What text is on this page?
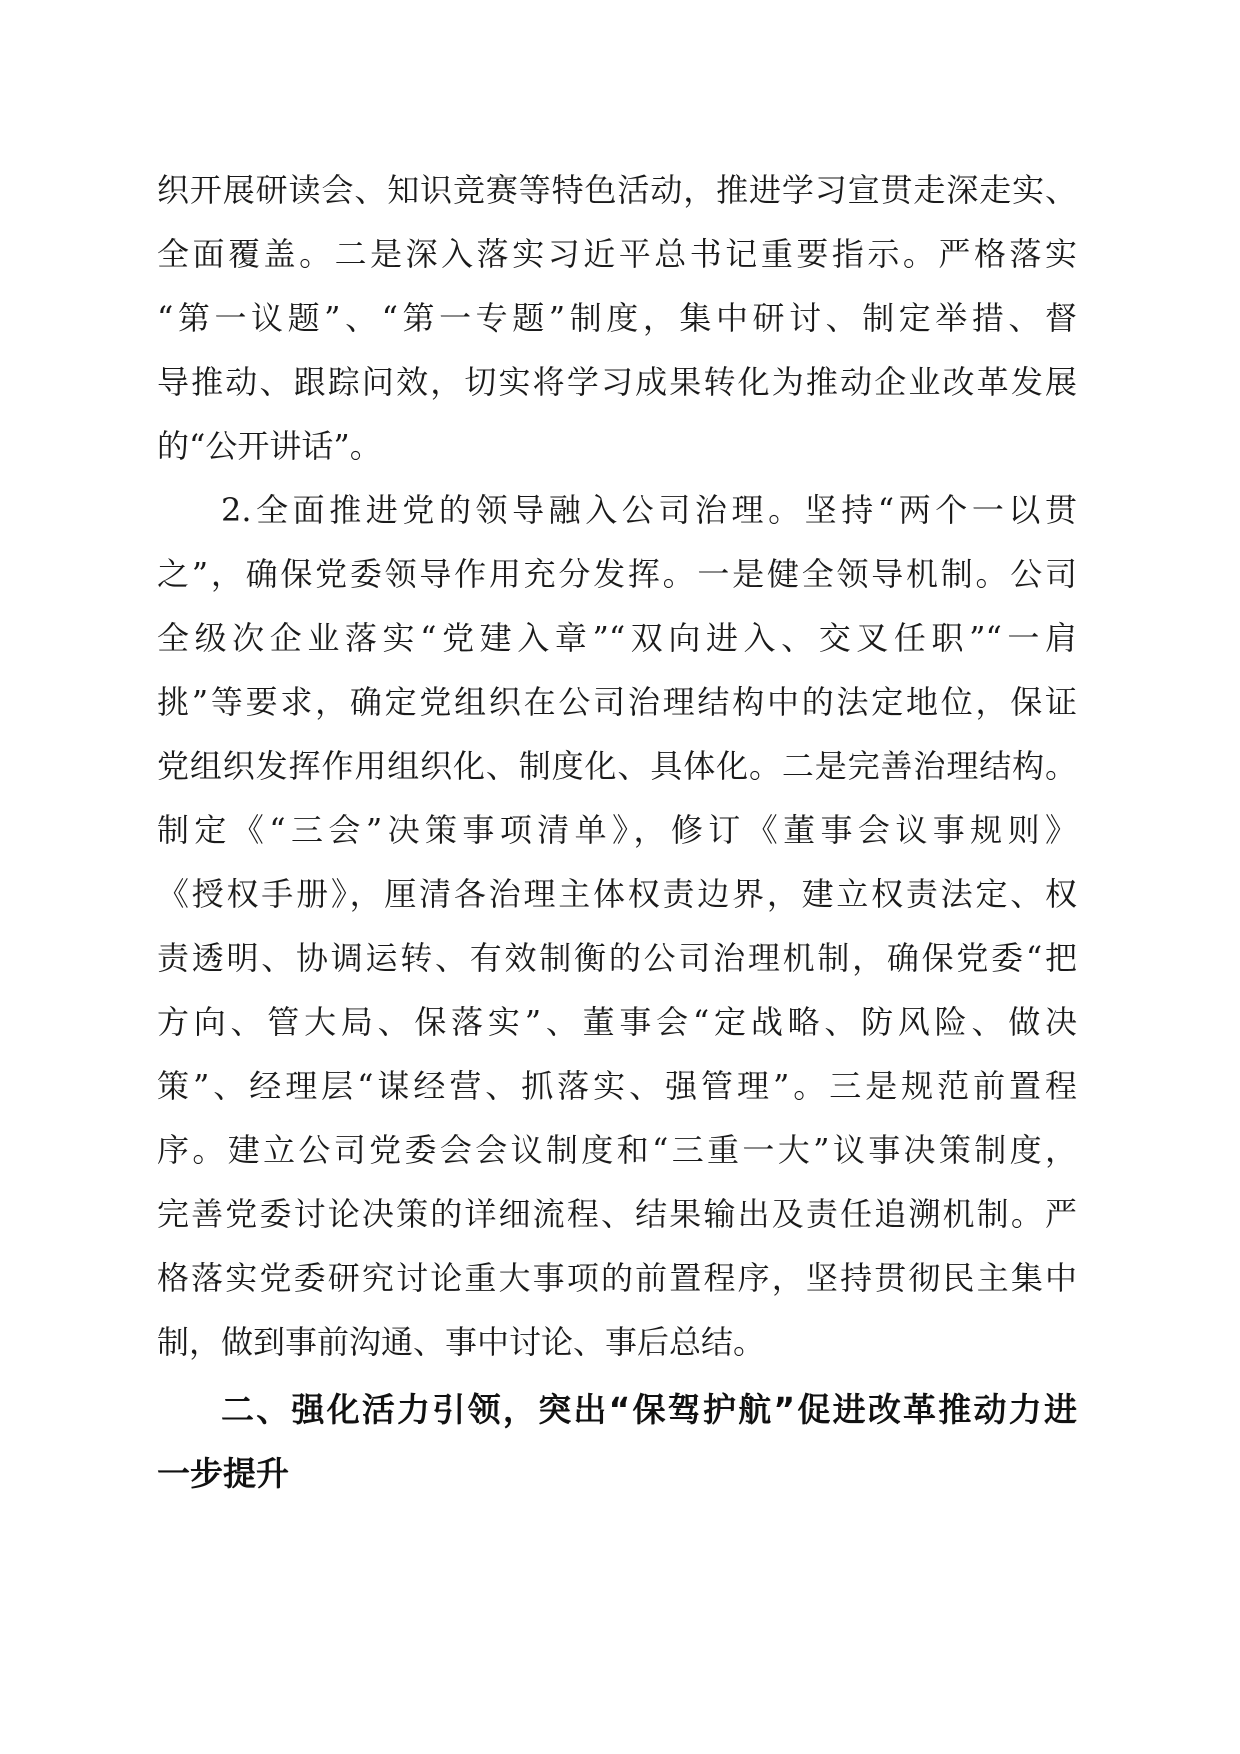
织开展研读会、知识竞赛等特色活动，推进学习宣贯走深走实、
全面覆盖。二是深入落实习近平总书记重要指示。严格落实
“第一议题”、“第一专题”制度，集中研讨、制定举措、督
导推动、跟踪问效，切实将学习成果转化为推动企业改革发展
的“公开讲话”。
2.全面推进党的领导融入公司治理。坚持“两个一以贯
之”，确保党委领导作用充分发挥。一是健全领导机制。公司
全级次企业落实“党建入章”“双向进入、交叉任职”“一肩
挑”等要求，确定党组织在公司治理结构中的法定地位，保证
党组织发挥作用组织化、制度化、具体化。二是完善治理结构。
制定《“三会”决策事项清单》，修订《董事会议事规则》
《授权手册》，厘清各治理主体权责边界，建立权责法定、权
责透明、协调运转、有效制衡的公司治理机制，确保党委“把
方向、管大局、保落实”、董事会“定战略、防风险、做决
策”、经理层“谋经营、抓落实、强管理”。三是规范前置程
序。建立公司党委会会议制度和“三重一大”议事决策制度，
完善党委讨论决策的详细流程、结果输出及责任追溯机制。严
格落实党委研究讨论重大事项的前置程序，坚持贯彻民主集中
制，做到事前沟通、事中讨论、事后总结。
二、强化活力引领，突出“保驾护航”促进改革推动力进
一步提升
